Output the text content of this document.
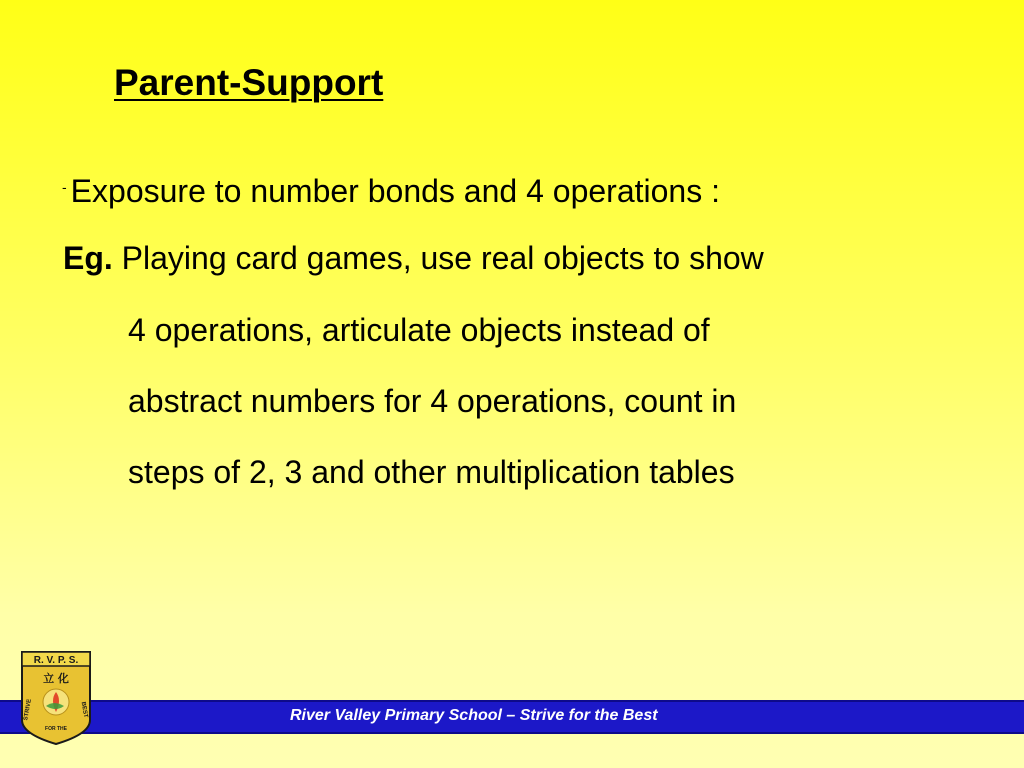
Parent-Support

- Exposure to number bonds and 4 operations :

Eg. Playing card games, use real objects to show

4 operations, articulate objects instead of

abstract numbers for 4 operations, count in

steps of 2, 3 and other multiplication tables

River Valley Primary School – Strive for the Best
R. V. P. S.
立 化
STRIVE	BEST
FOR THE
